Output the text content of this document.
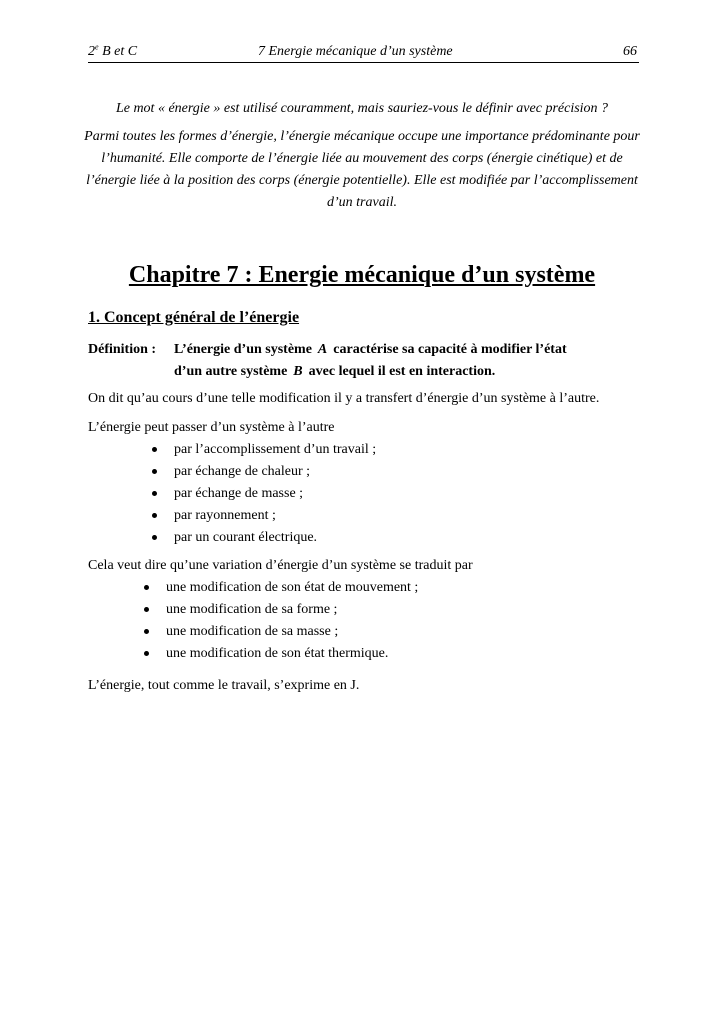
2e B et C	7 Energie mécanique d’un système	66

Le mot « énergie » est utilisé couramment, mais sauriez-vous le définir avec précision ?

Parmi toutes les formes d’énergie, l’énergie mécanique occupe une importance prédominante pour l’humanité. Elle comporte de l’énergie liée au mouvement des corps (énergie cinétique) et de l’énergie liée à la position des corps (énergie potentielle). Elle est modifiée par l’accomplissement d’un travail.

Chapitre 7 : Energie mécanique d’un système
1. Concept général de l’énergie
Définition : L’énergie d’un système A caractérise sa capacité à modifier l’état
d’un autre système B avec lequel il est en interaction.

On dit qu’au cours d’une telle modification il y a transfert d’énergie d’un système à l’autre.

L’énergie peut passer d’un système à l’autre

par l’accomplissement d’un travail ;
par échange de chaleur ;
par échange de masse ;
par rayonnement ;
par un courant électrique.

Cela veut dire qu’une variation d’énergie d’un système se traduit par

une modification de son état de mouvement ;
une modification de sa forme ;
une modification de sa masse ;
une modification de son état thermique.

L’énergie, tout comme le travail, s’exprime en J.
